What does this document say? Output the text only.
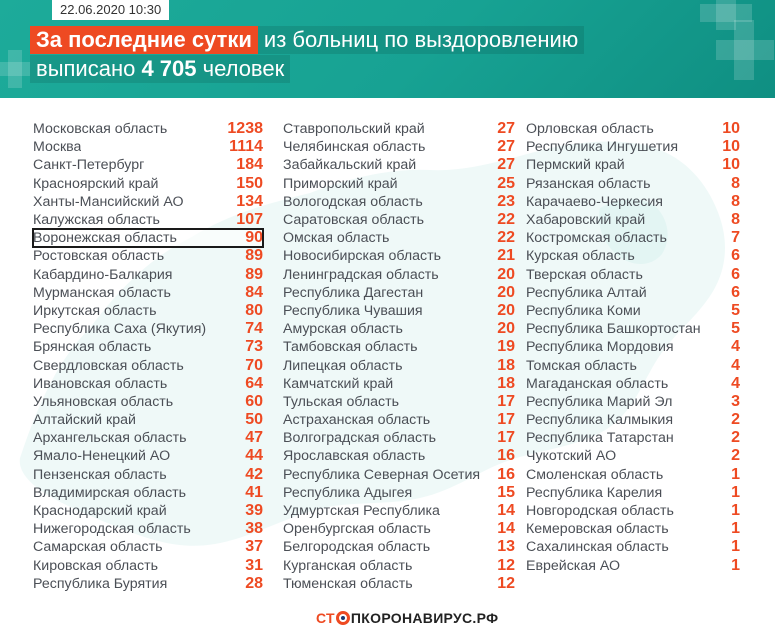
22.06.2020 10:30
За последние сутки из больниц по выздоровлению
выписано 4 705 человек
Московская область	1238
Москва	1114
Санкт-Петербург	184
Красноярский край	150
Ханты-Мансийский АО	134
Калужская область	107
Воронежская область	90
Ростовская область	89
Кабардино-Балкария	89
Мурманская область	84
Иркутская область	80
Республика Саха (Якутия) 74
Брянская область	73
Свердловская область	70
Ивановская область	64
Ульяновская область	60
Алтайский край	50
Архангельская область	47
Ямало-Ненецкий АО	44
Пензенская область	42
Владимирская область	41
Краснодарский край	39
Нижегородская область	38
Самарская область	37
Кировская область	31
Республика Бурятия	28
Ставропольский край	27
Челябинская область	27
Забайкальский край	27
Приморский край	25
Вологодская область	23
Саратовская область	22
Омская область	22
Новосибирская область	21
Ленинградская область	20
Республика Дагестан	20
Республика Чувашия	20
Амурская область	20
Тамбовская область	19
Липецкая область	18
Камчатский край	18
Тульская область	17
Астраханская область	17
Волгоградская область	17
Ярославская область	16
Республика Северная Осетия 16
Республика Адыгея	15
Удмуртская Республика	14
Оренбургская область	14
Белгородская область	13
Курганская область	12
Тюменская область	12
Орловская область	10
Республика Ингушетия	10
Пермский край	10
Рязанская область	8
Карачаево-Черкесия	8
Хабаровский край	8
Костромская область	7
Курская область	6
Тверская область	6
Республика Алтай	6
Республика Коми	5
Республика Башкортостан 5
Республика Мордовия	4
Томская область	4
Магаданская область	4
Республика Марий Эл	3
Республика Калмыкия	2
Республика Татарстан	2
Чукотский АО	2
Смоленская область	1
Республика Карелия	1
Новгородская область	1
Кемеровская область	1
Сахалинская область	1
Еврейская АО	1
СТ ПКОРОНАВИРУС.РФ
